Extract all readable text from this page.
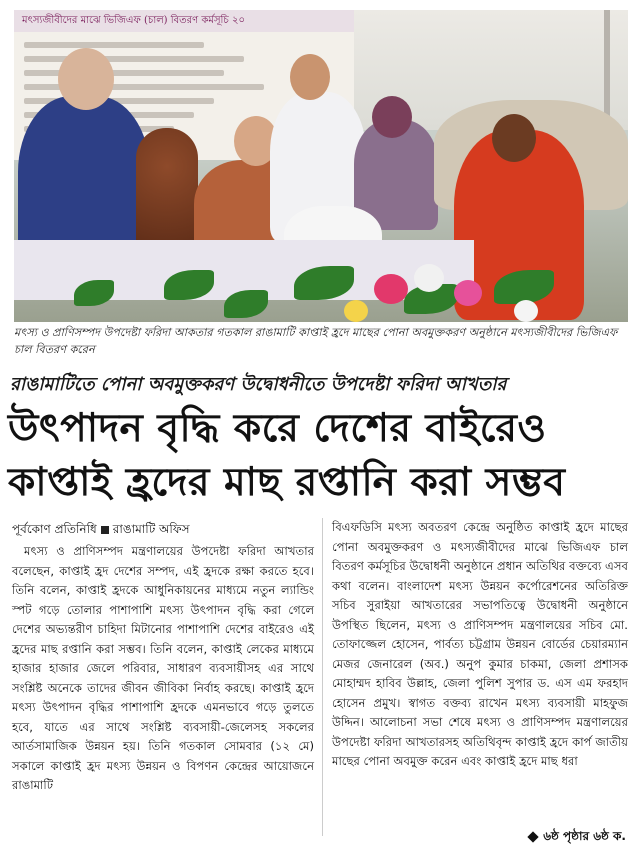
মৎস্যজীবীদের মাঝে ভিজিএফ (চাল) বিতরণ কর্মসূচি ২০
মৎস্য ও প্রাণিসম্পদ উপদেষ্টা ফরিদা আকতার গতকাল রাঙামাটি কাপ্তাই হ্রদে মাছের পোনা অবমুক্তকরণ অনুষ্ঠানে মৎস্যজীবীদের ভিজিএফ চাল বিতরণ করেন
রাঙামাটিতে পোনা অবমুক্তকরণ উদ্বোধনীতে উপদেষ্টা ফরিদা আখতার
উৎপাদন বৃদ্ধি করে দেশের বাইরেও
কাপ্তাই হ্রদের মাছ রপ্তানি করা সম্ভব
পূর্বকোণ প্রতিনিধি রাঙামাটি অফিস
মৎস্য ও প্রাণিসম্পদ মন্ত্রণালয়ের উপদেষ্টা ফরিদা আখতার বলেছেন, কাপ্তাই হ্রদ দেশের সম্পদ, এই হ্রদকে রক্ষা করতে হবে। তিনি বলেন, কাপ্তাই হ্রদকে আধুনিকায়নের মাধ্যমে নতুন ল্যান্ডিং স্পট গড়ে তোলার পাশাপাশি মৎস্য উৎপাদন বৃদ্ধি করা গেলে দেশের অভ্যন্তরীণ চাহিদা মিটানোর পাশাপাশি দেশের বাইরেও এই হ্রদের মাছ রপ্তানি করা সম্ভব। তিনি বলেন, কাপ্তাই লেকের মাধ্যমে হাজার হাজার জেলে পরিবার, সাধারণ ব্যবসায়ীসহ এর সাথে সংশ্লিষ্ট অনেকে তাদের জীবন জীবিকা নির্বাহ করছে। কাপ্তাই হ্রদে মৎস্য উৎপাদন বৃদ্ধির পাশাপাশি হ্রদকে এমনভাবে গড়ে তুলতে হবে, যাতে এর সাথে সংশ্লিষ্ট ব্যবসায়ী-জেলেসহ সকলের আর্তসামাজিক উন্নয়ন হয়। তিনি গতকাল সোমবার (১২ মে) সকালে কাপ্তাই হ্রদ মৎস্য উন্নয়ন ও বিপণন কেন্দ্রের আয়োজনে রাঙামাটি
বিএফডিসি মৎস্য অবতরণ কেন্দ্রে অনুষ্ঠিত কাপ্তাই হ্রদে মাছের পোনা অবমুক্তকরণ ও মৎস্যজীবীদের মাঝে ভিজিএফ চাল বিতরণ কর্মসূচির উদ্বোধনী অনুষ্ঠানে প্রধান অতিথির বক্তব্যে এসব কথা বলেন। বাংলাদেশ মৎস্য উন্নয়ন কর্পোরেশনের অতিরিক্ত সচিব সুরাইয়া আখতারের সভাপতিত্বে উদ্বোধনী অনুষ্ঠানে উপস্থিত ছিলেন, মৎস্য ও প্রাণিসম্পদ মন্ত্রণালয়ের সচিব মো. তোফাজ্জেল হোসেন, পার্বত্য চট্টগ্রাম উন্নয়ন বোর্ডের চেয়ারম্যান মেজর জেনারেল (অব.) অনুপ কুমার চাকমা, জেলা প্রশাসক মোহাম্মদ হাবিব উল্লাহ, জেলা পুলিশ সুপার ড. এস এম ফরহাদ হোসেন প্রমুখ। স্বাগত বক্তব্য রাখেন মৎস্য ব্যবসায়ী মাহফুজ উদ্দিন। আলোচনা সভা শেষে মৎস্য ও প্রাণিসম্পদ মন্ত্রণালয়ের উপদেষ্টা ফরিদা আখতারসহ অতিথিবৃন্দ কাপ্তাই হ্রদে কার্প জাতীয় মাছের পোনা অবমুক্ত করেন এবং কাপ্তাই হ্রদে মাছ ধরা
৬ষ্ঠ পৃষ্ঠার ৬ষ্ঠ ক.
